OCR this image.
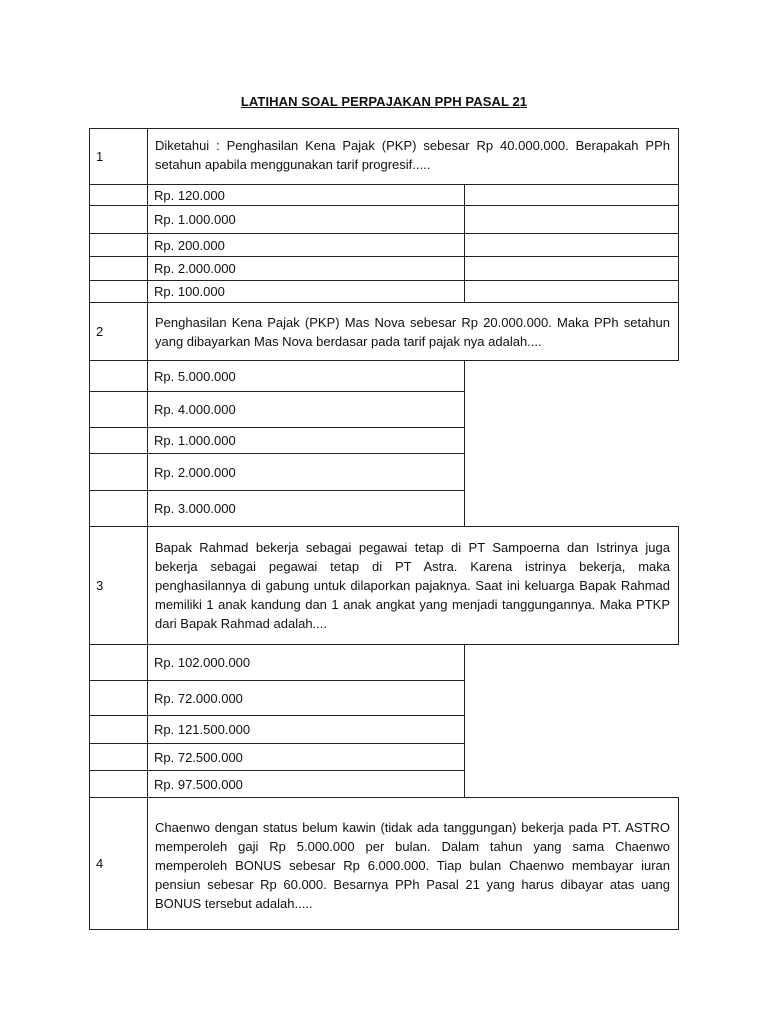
LATIHAN SOAL PERPAJAKAN PPH PASAL 21
1
Diketahui : Penghasilan Kena Pajak (PKP) sebesar Rp 40.000.000. Berapakah PPh setahun apabila menggunakan tarif progresif.....
Rp. 120.000
Rp. 1.000.000
Rp. 200.000
Rp. 2.000.000
Rp. 100.000
2
Penghasilan Kena Pajak (PKP) Mas Nova sebesar Rp 20.000.000. Maka PPh setahun yang dibayarkan Mas Nova berdasar pada tarif pajak nya adalah....
Rp. 5.000.000
Rp. 4.000.000
Rp. 1.000.000
Rp. 2.000.000
Rp. 3.000.000
3
Bapak Rahmad bekerja sebagai pegawai tetap di PT Sampoerna dan Istrinya juga bekerja sebagai pegawai tetap di PT Astra. Karena istrinya bekerja, maka penghasilannya di gabung untuk dilaporkan pajaknya. Saat ini keluarga Bapak Rahmad memiliki 1 anak kandung dan 1 anak angkat yang menjadi tanggungannya. Maka PTKP dari Bapak Rahmad adalah....
Rp. 102.000.000
Rp. 72.000.000
Rp. 121.500.000
Rp. 72.500.000
Rp. 97.500.000
4
Chaenwo dengan status belum kawin (tidak ada tanggungan) bekerja pada PT. ASTRO memperoleh gaji Rp 5.000.000 per bulan. Dalam tahun yang sama Chaenwo memperoleh BONUS sebesar Rp 6.000.000. Tiap bulan Chaenwo membayar iuran pensiun sebesar Rp 60.000. Besarnya PPh Pasal 21 yang harus dibayar atas uang BONUS tersebut adalah.....
